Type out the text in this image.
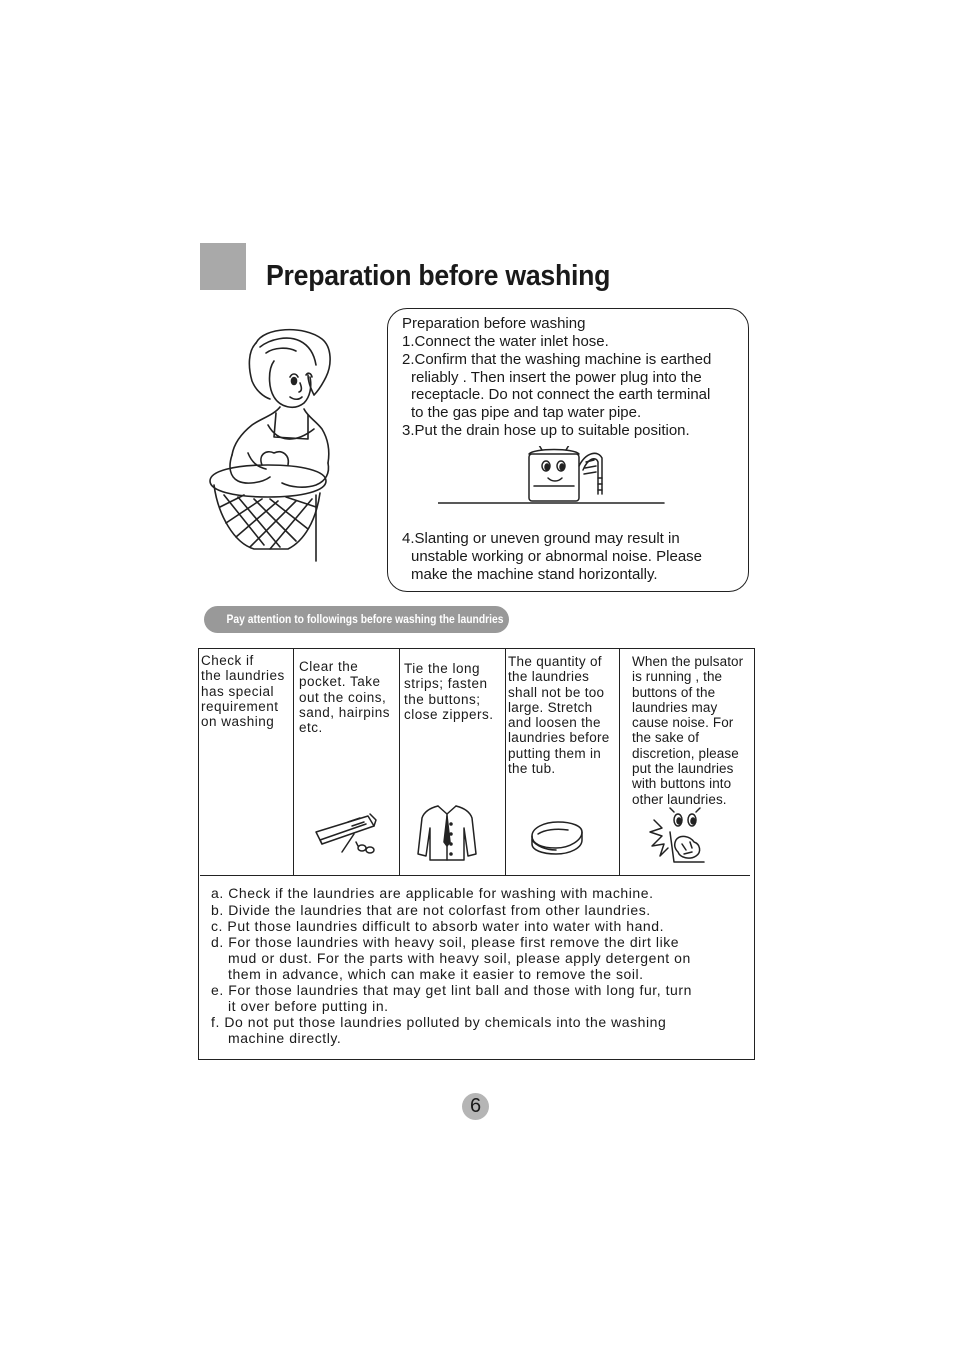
Preparation before washing
Preparation before washing
1.Connect the water inlet hose.
2.Confirm that the washing machine is earthed
reliably . Then insert the power plug into the
receptacle. Do not connect the earth terminal
to the gas pipe and tap water pipe.
3.Put the drain hose up to suitable position.
4.Slanting or uneven ground may result in
unstable working or abnormal noise. Please
make the machine stand horizontally.
Pay attention to followings before washing the laundries
Check if
the laundries
has special
requirement
on washing
Clear the
pocket. Take
out the coins,
sand, hairpins
etc.
Tie the long
strips; fasten
the buttons;
close zippers.
The quantity of
the laundries
shall not be too
large. Stretch
and loosen the
laundries before
putting them in
the tub.
When the pulsator
is running , the
buttons of the
laundries may
cause noise. For
the sake of
discretion, please
put the laundries
with buttons into
other laundries.
a. Check if the laundries are applicable for washing with machine.
b. Divide the laundries that are not colorfast from other laundries.
c. Put those laundries difficult to absorb water into water with hand.
d. For those laundries with heavy soil, please first remove the dirt like
mud or dust. For the parts with heavy soil, please apply detergent on
them in advance, which can make it easier to remove the soil.
e. For those laundries that may get lint ball and those with long fur, turn
it over before putting in.
f. Do not put those laundries polluted by chemicals into the washing
machine directly.
6
